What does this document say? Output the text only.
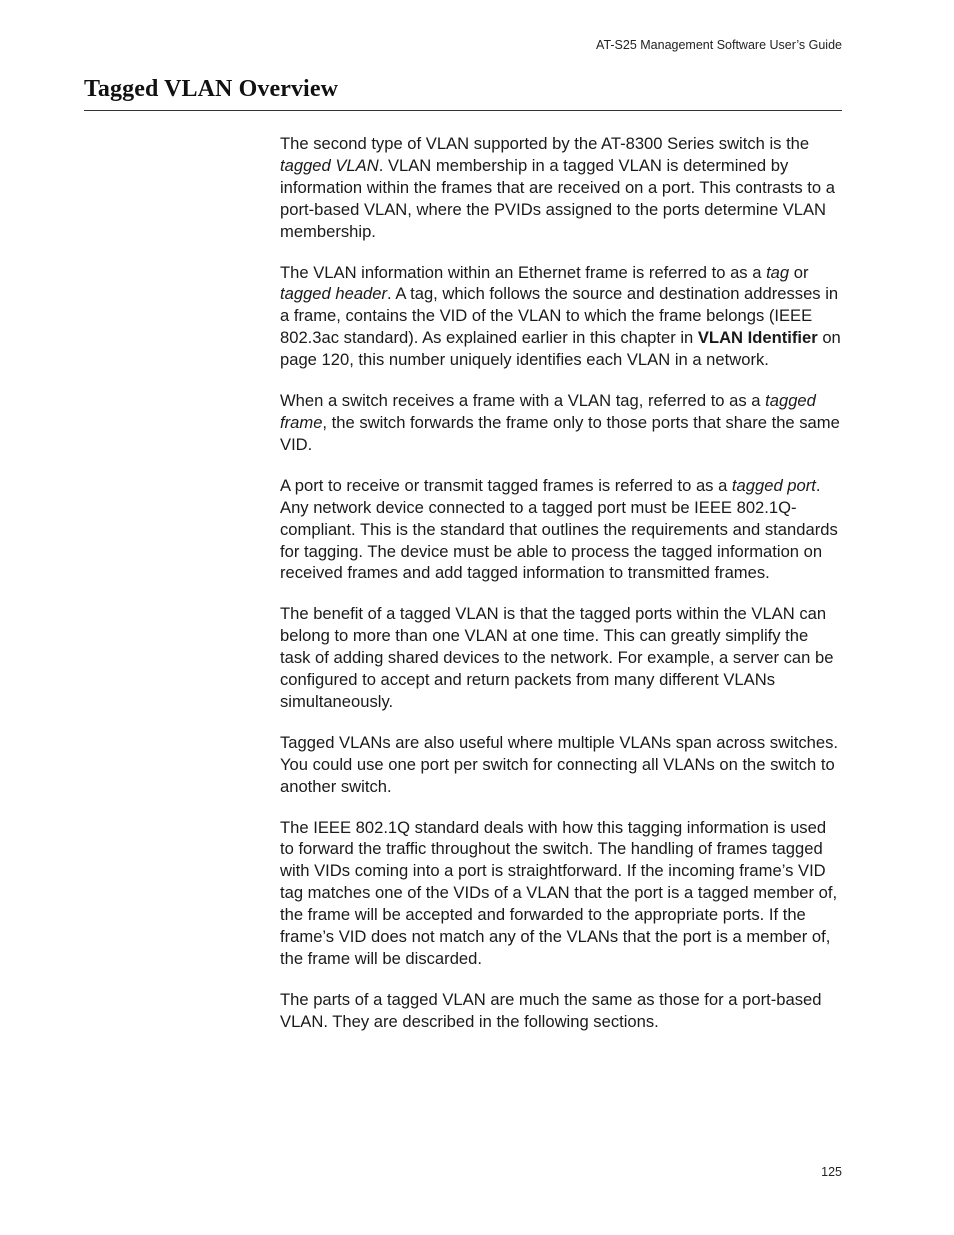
AT-S25 Management Software User’s Guide
Tagged VLAN Overview

The second type of VLAN supported by the AT-8300 Series switch is the tagged VLAN. VLAN membership in a tagged VLAN is determined by information within the frames that are received on a port. This contrasts to a port-based VLAN, where the PVIDs assigned to the ports determine VLAN membership.

The VLAN information within an Ethernet frame is referred to as a tag or tagged header. A tag, which follows the source and destination addresses in a frame, contains the VID of the VLAN to which the frame belongs (IEEE 802.3ac standard). As explained earlier in this chapter in VLAN Identifier on page 120, this number uniquely identifies each VLAN in a network.

When a switch receives a frame with a VLAN tag, referred to as a tagged frame, the switch forwards the frame only to those ports that share the same VID.

A port to receive or transmit tagged frames is referred to as a tagged port. Any network device connected to a tagged port must be IEEE 802.1Q-compliant. This is the standard that outlines the requirements and standards for tagging. The device must be able to process the tagged information on received frames and add tagged information to transmitted frames.

The benefit of a tagged VLAN is that the tagged ports within the VLAN can belong to more than one VLAN at one time. This can greatly simplify the task of adding shared devices to the network. For example, a server can be configured to accept and return packets from many different VLANs simultaneously.

Tagged VLANs are also useful where multiple VLANs span across switches. You could use one port per switch for connecting all VLANs on the switch to another switch.

The IEEE 802.1Q standard deals with how this tagging information is used to forward the traffic throughout the switch. The handling of frames tagged with VIDs coming into a port is straightforward. If the incoming frame’s VID tag matches one of the VIDs of a VLAN that the port is a tagged member of, the frame will be accepted and forwarded to the appropriate ports. If the frame’s VID does not match any of the VLANs that the port is a member of, the frame will be discarded.

The parts of a tagged VLAN are much the same as those for a port-based VLAN. They are described in the following sections.

125
